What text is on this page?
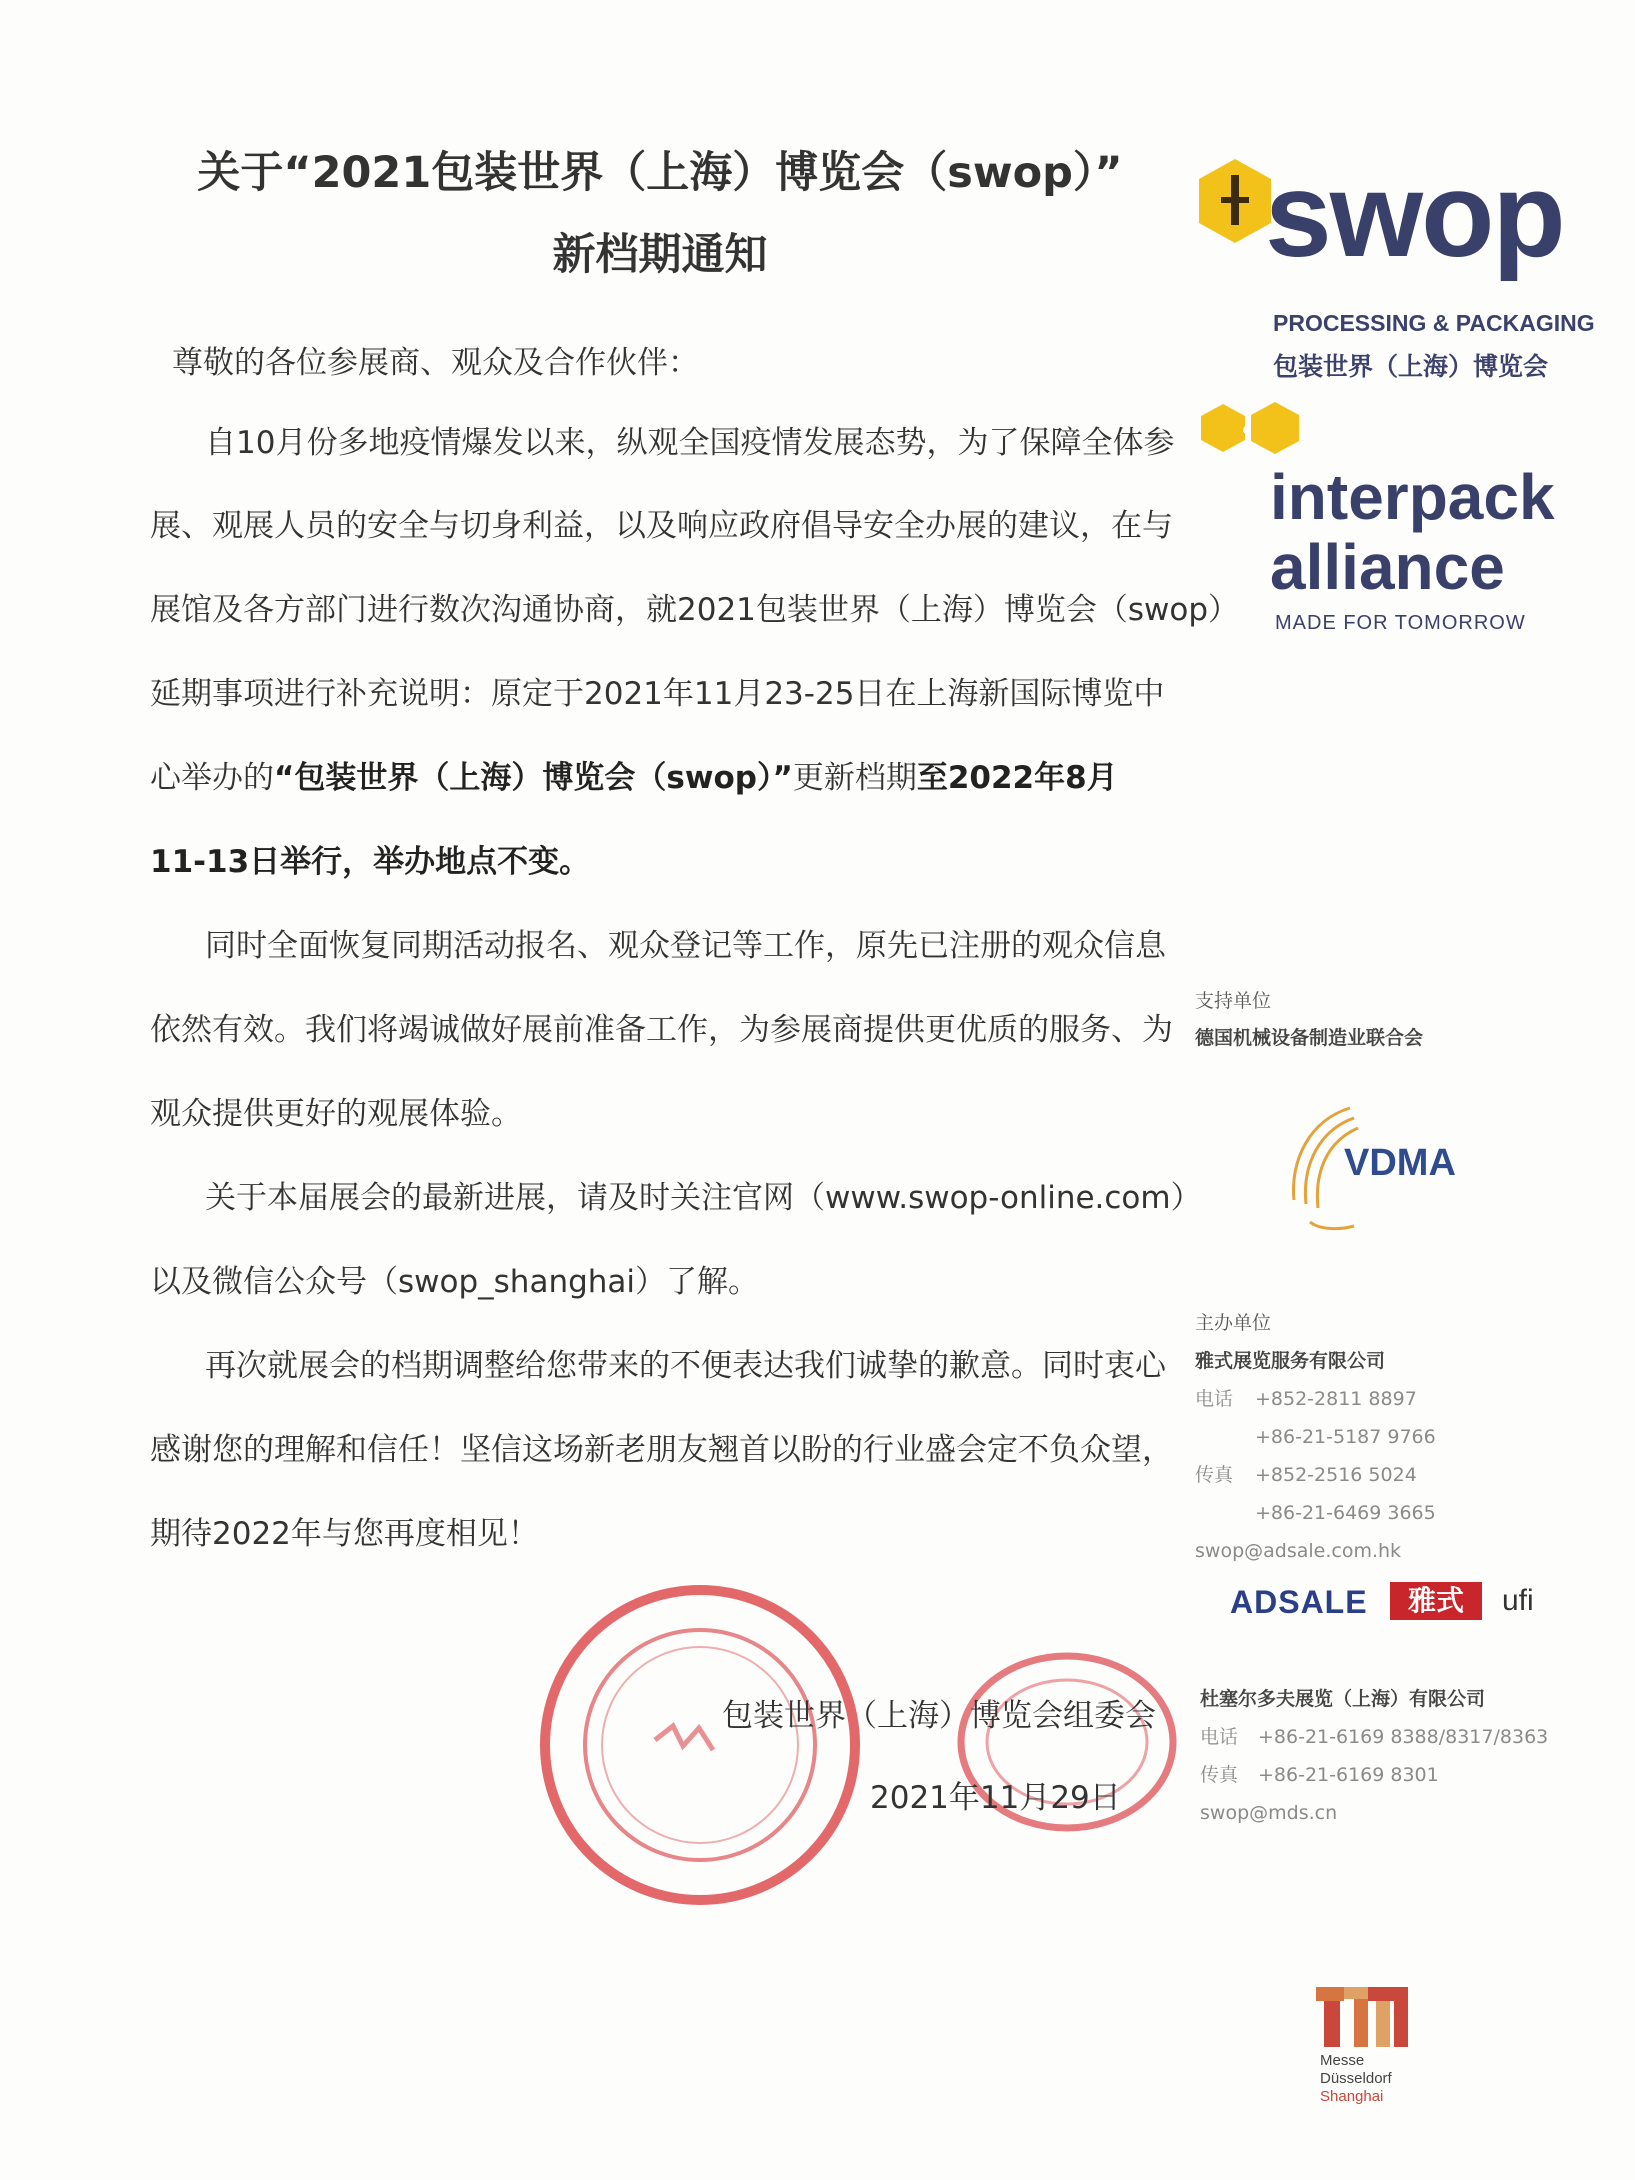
关于“2021包装世界（上海）博览会（swop）”
新档期通知
尊敬的各位参展商、观众及合作伙伴：
自10月份多地疫情爆发以来，纵观全国疫情发展态势，为了保障全体参
展、观展人员的安全与切身利益，以及响应政府倡导安全办展的建议，在与
展馆及各方部门进行数次沟通协商，就2021包装世界（上海）博览会（swop）
延期事项进行补充说明：原定于2021年11月23-25日在上海新国际博览中
心举办的“包装世界（上海）博览会（swop）”更新档期至2022年8月
11-13日举行，举办地点不变。
同时全面恢复同期活动报名、观众登记等工作，原先已注册的观众信息
依然有效。我们将竭诚做好展前准备工作，为参展商提供更优质的服务、为
观众提供更好的观展体验。
关于本届展会的最新进展，请及时关注官网（www.swop-online.com）
以及微信公众号（swop_shanghai）了解。
再次就展会的档期调整给您带来的不便表达我们诚挚的歉意。同时衷心
感谢您的理解和信任！坚信这场新老朋友翘首以盼的行业盛会定不负众望，
期待2022年与您再度相见！
包装世界（上海）博览会组委会
2021年11月29日
swop
PROCESSING & PACKAGING
包装世界（上海）博览会
interpack
alliance
MADE FOR TOMORROW
支持单位
德国机械设备制造业联合会
VDMA
主办单位
雅式展览服务有限公司
电话 +852-2811 8897
+86-21-5187 9766
传真 +852-2516 5024
+86-21-6469 3665
swop@adsale.com.hk
ADSALE	雅式	ufi
杜塞尔多夫展览（上海）有限公司
电话 +86-21-6169 8388/8317/8363
传真 +86-21-6169 8301
swop@mds.cn
Messe
Düsseldorf
Shanghai
